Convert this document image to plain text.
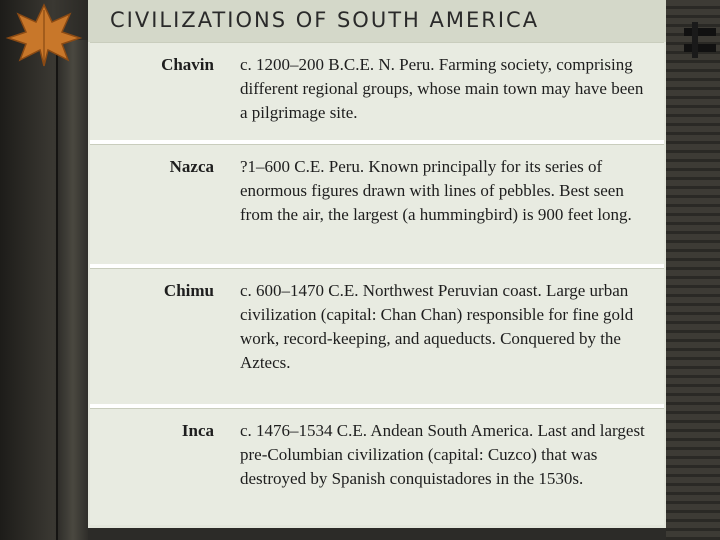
CIVILIZATIONS OF SOUTH AMERICA
Chavin c. 1200–200 B.C.E. N. Peru. Farming society, comprising different regional groups, whose main town may have been a pilgrimage site.
Nazca ?1–600 C.E. Peru. Known principally for its series of enormous figures drawn with lines of pebbles. Best seen from the air, the largest (a hummingbird) is 900 feet long.
Chimu c. 600–1470 C.E. Northwest Peruvian coast. Large urban civilization (capital: Chan Chan) responsible for fine gold work, record-keeping, and aqueducts. Conquered by the Aztecs.
Inca c. 1476–1534 C.E. Andean South America. Last and largest pre-Columbian civilization (capital: Cuzco) that was destroyed by Spanish conquistadores in the 1530s.
